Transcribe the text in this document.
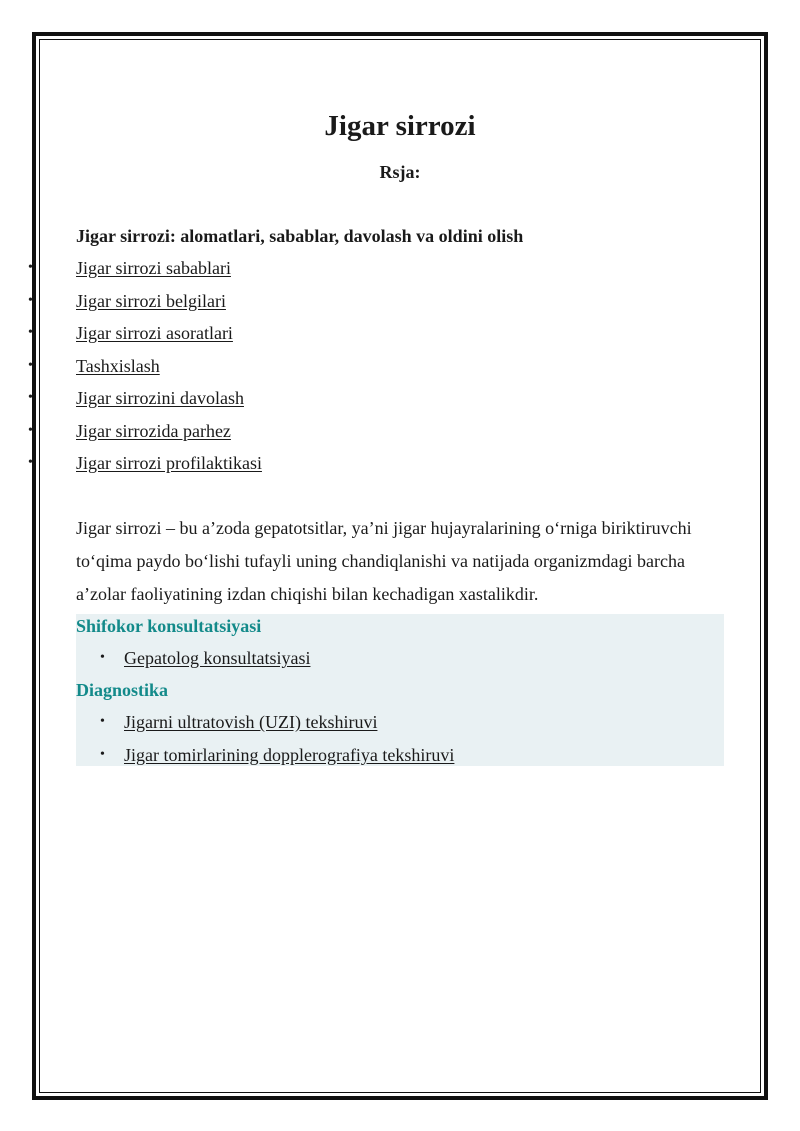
Jigar sirrozi
Rsja:
Jigar sirrozi: alomatlari, sabablar, davolash va oldini olish
• Jigar sirrozi sabablari
• Jigar sirrozi belgilari
• Jigar sirrozi asoratlari
• Tashxislash
• Jigar sirrozini davolash
• Jigar sirrozida parhez
• Jigar sirrozi profilaktikasi
Jigar sirrozi – bu a’zoda gepatotsitlar, ya’ni jigar hujayralarining o‘rniga biriktiruvchi
to‘qima paydo bo‘lishi tufayli uning chandiqlanishi va natijada organizmdagi barcha
a’zolar faoliyatining izdan chiqishi bilan kechadigan xastalikdir.
Shifokor konsultatsiyasi
• Gepatolog konsultatsiyasi
Diagnostika
• Jigarni ultratovish (UZI) tekshiruvi
• Jigar tomirlarining dopplerografiya tekshiruvi
